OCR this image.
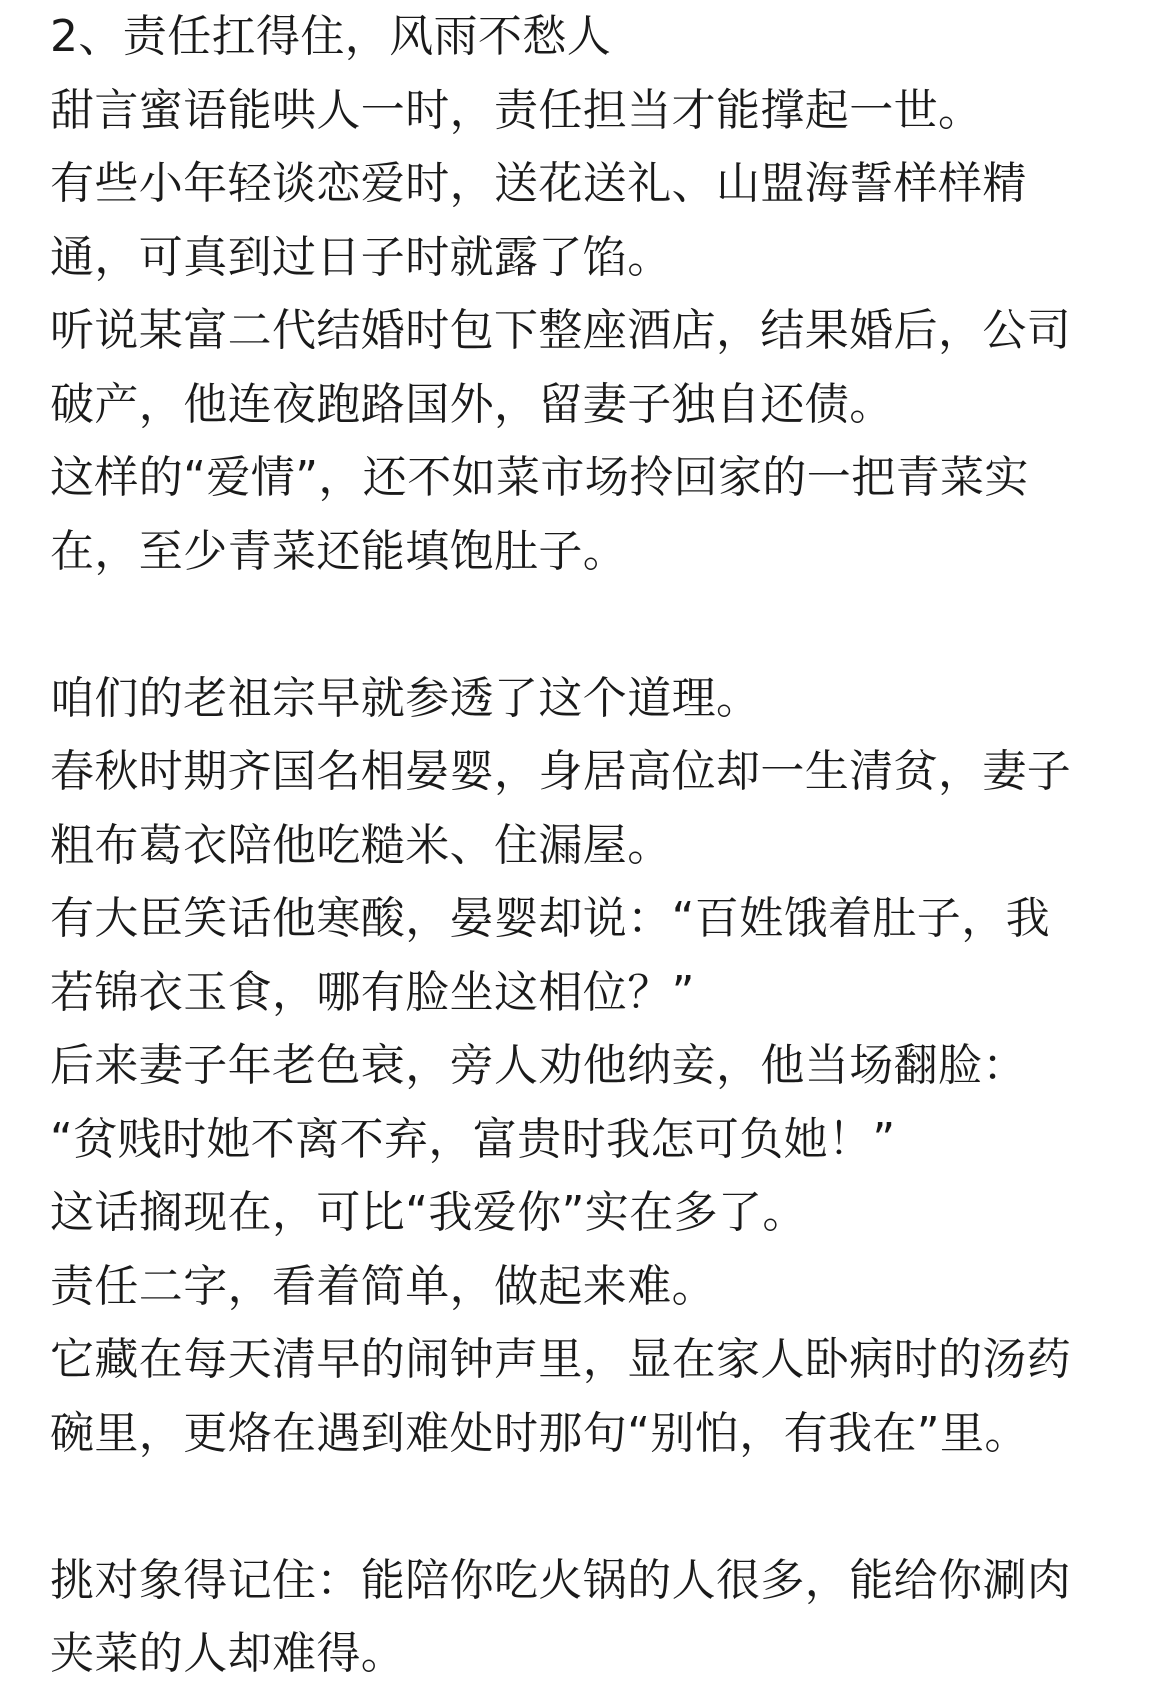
2、责任扛得住，风雨不愁人

甜言蜜语能哄人一时，责任担当才能撑起一世。

有些小年轻谈恋爱时，送花送礼、山盟海誓样样精

通，可真到过日子时就露了馅。

听说某富二代结婚时包下整座酒店，结果婚后，公司

破产，他连夜跑路国外，留妻子独自还债。

这样的“爱情”，还不如菜市场拎回家的一把青菜实

在，至少青菜还能填饱肚子。

咱们的老祖宗早就参透了这个道理。

春秋时期齐国名相晏婴，身居高位却一生清贫，妻子

粗布葛衣陪他吃糙米、住漏屋。

有大臣笑话他寒酸，晏婴却说：“百姓饿着肚子，我

若锦衣玉食，哪有脸坐这相位？”

后来妻子年老色衰，旁人劝他纳妾，他当场翻脸：

“贫贱时她不离不弃，富贵时我怎可负她！”

这话搁现在，可比“我爱你”实在多了。

责任二字，看着简单，做起来难。

它藏在每天清早的闹钟声里，显在家人卧病时的汤药

碗里，更烙在遇到难处时那句“别怕，有我在”里。

挑对象得记住：能陪你吃火锅的人很多，能给你涮肉

夹菜的人却难得。
